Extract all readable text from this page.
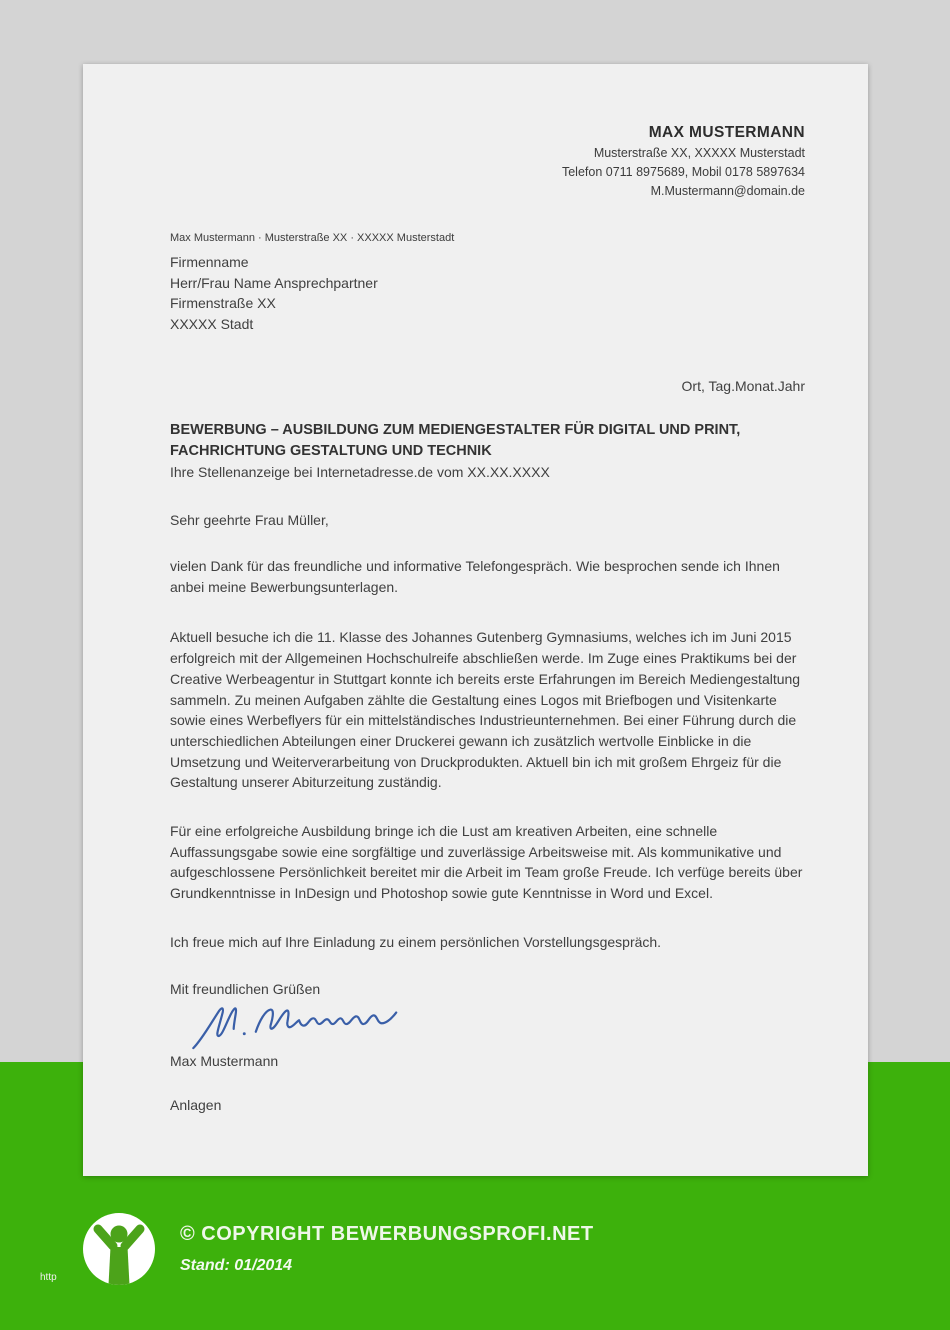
MAX MUSTERMANN
Musterstraße XX, XXXXX Musterstadt
Telefon 0711 8975689, Mobil 0178 5897634
M.Mustermann@domain.de
Max Mustermann · Musterstraße XX · XXXXX Musterstadt
Firmenname
Herr/Frau Name Ansprechpartner
Firmenstraße XX
XXXXX Stadt
Ort, Tag.Monat.Jahr
BEWERBUNG – AUSBILDUNG ZUM MEDIENGESTALTER FÜR DIGITAL UND PRINT, FACHRICHTUNG GESTALTUNG UND TECHNIK
Ihre Stellenanzeige bei Internetadresse.de vom XX.XX.XXXX
Sehr geehrte Frau Müller,

vielen Dank für das freundliche und informative Telefongespräch. Wie besprochen sende ich Ihnen anbei meine Bewerbungsunterlagen.

Aktuell besuche ich die 11. Klasse des Johannes Gutenberg Gymnasiums, welches ich im Juni 2015 erfolgreich mit der Allgemeinen Hochschulreife abschließen werde. Im Zuge eines Praktikums bei der Creative Werbeagentur in Stuttgart konnte ich bereits erste Erfahrungen im Bereich Mediengestaltung sammeln. Zu meinen Aufgaben zählte die Gestaltung eines Logos mit Briefbogen und Visitenkarte sowie eines Werbeflyers für ein mittelständisches Industrieunternehmen. Bei einer Führung durch die unterschiedlichen Abteilungen einer Druckerei gewann ich zusätzlich wertvolle Einblicke in die Umsetzung und Weiterverarbeitung von Druckprodukten. Aktuell bin ich mit großem Ehrgeiz für die Gestaltung unserer Abiturzeitung zuständig.

Für eine erfolgreiche Ausbildung bringe ich die Lust am kreativen Arbeiten, eine schnelle Auffassungsgabe sowie eine sorgfältige und zuverlässige Arbeitsweise mit. Als kommunikative und aufgeschlossene Persönlichkeit bereitet mir die Arbeit im Team große Freude. Ich verfüge bereits über Grundkenntnisse in InDesign und Photoshop sowie gute Kenntnisse in Word und Excel.

Ich freue mich auf Ihre Einladung zu einem persönlichen Vorstellungsgespräch.

Mit freundlichen Grüßen
Max Mustermann
Anlagen
© COPYRIGHT BEWERBUNGSPROFI.NET
Stand: 01/2014
http
